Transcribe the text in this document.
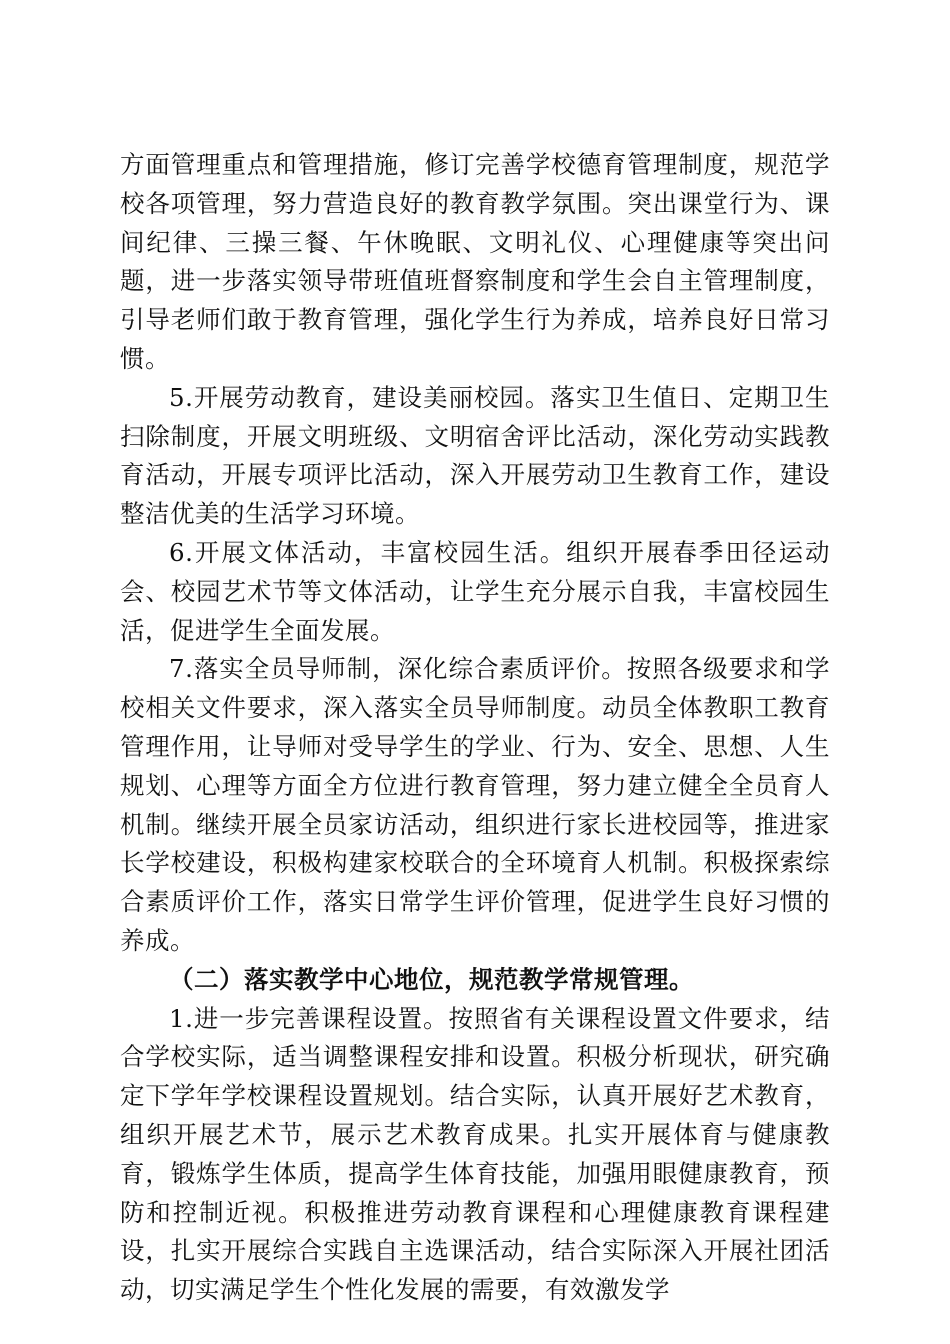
方面管理重点和管理措施，修订完善学校德育管理制度，规范学校各项管理，努力营造良好的教育教学氛围。突出课堂行为、课间纪律、三操三餐、午休晚眠、文明礼仪、心理健康等突出问题，进一步落实领导带班值班督察制度和学生会自主管理制度，引导老师们敢于教育管理，强化学生行为养成，培养良好日常习惯。

5.开展劳动教育，建设美丽校园。落实卫生值日、定期卫生扫除制度，开展文明班级、文明宿舍评比活动，深化劳动实践教育活动，开展专项评比活动，深入开展劳动卫生教育工作，建设整洁优美的生活学习环境。

6.开展文体活动，丰富校园生活。组织开展春季田径运动会、校园艺术节等文体活动，让学生充分展示自我，丰富校园生活，促进学生全面发展。

7.落实全员导师制，深化综合素质评价。按照各级要求和学校相关文件要求，深入落实全员导师制度。动员全体教职工教育管理作用，让导师对受导学生的学业、行为、安全、思想、人生规划、心理等方面全方位进行教育管理，努力建立健全全员育人机制。继续开展全员家访活动，组织进行家长进校园等，推进家长学校建设，积极构建家校联合的全环境育人机制。积极探索综合素质评价工作，落实日常学生评价管理，促进学生良好习惯的养成。

（二）落实教学中心地位，规范教学常规管理。

1.进一步完善课程设置。按照省有关课程设置文件要求，结合学校实际，适当调整课程安排和设置。积极分析现状，研究确定下学年学校课程设置规划。结合实际，认真开展好艺术教育，组织开展艺术节，展示艺术教育成果。扎实开展体育与健康教育，锻炼学生体质，提高学生体育技能，加强用眼健康教育，预防和控制近视。积极推进劳动教育课程和心理健康教育课程建设，扎实开展综合实践自主选课活动，结合实际深入开展社团活动，切实满足学生个性化发展的需要，有效激发学
